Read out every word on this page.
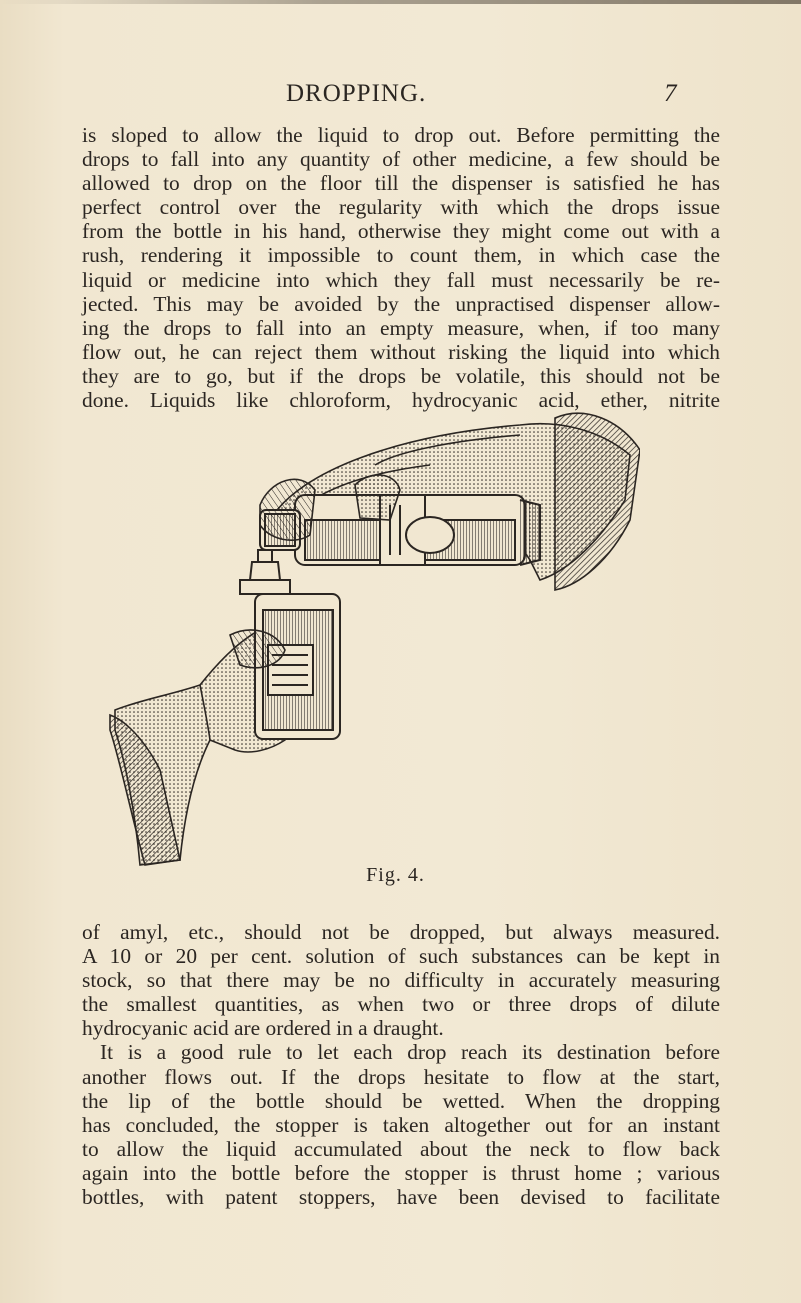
DROPPING.	7
is sloped to allow the liquid to drop out. Before permitting the
drops to fall into any quantity of other medicine, a few should be
allowed to drop on the floor till the dispenser is satisfied he has
perfect control over the regularity with which the drops issue
from the bottle in his hand, otherwise they might come out with a
rush, rendering it impossible to count them, in which case the
liquid or medicine into which they fall must necessarily be re-
jected. This may be avoided by the unpractised dispenser allow-
ing the drops to fall into an empty measure, when, if too many
flow out, he can reject them without risking the liquid into which
they are to go, but if the drops be volatile, this should not be
done. Liquids like chloroform, hydrocyanic acid, ether, nitrite
Fig. 4.
of amyl, etc., should not be dropped, but always measured.
A 10 or 20 per cent. solution of such substances can be kept in
stock, so that there may be no difficulty in accurately measuring
the smallest quantities, as when two or three drops of dilute
hydrocyanic acid are ordered in a draught.
It is a good rule to let each drop reach its destination before
another flows out. If the drops hesitate to flow at the start,
the lip of the bottle should be wetted. When the dropping
has concluded, the stopper is taken altogether out for an instant
to allow the liquid accumulated about the neck to flow back
again into the bottle before the stopper is thrust home ; various
bottles, with patent stoppers, have been devised to facilitate
